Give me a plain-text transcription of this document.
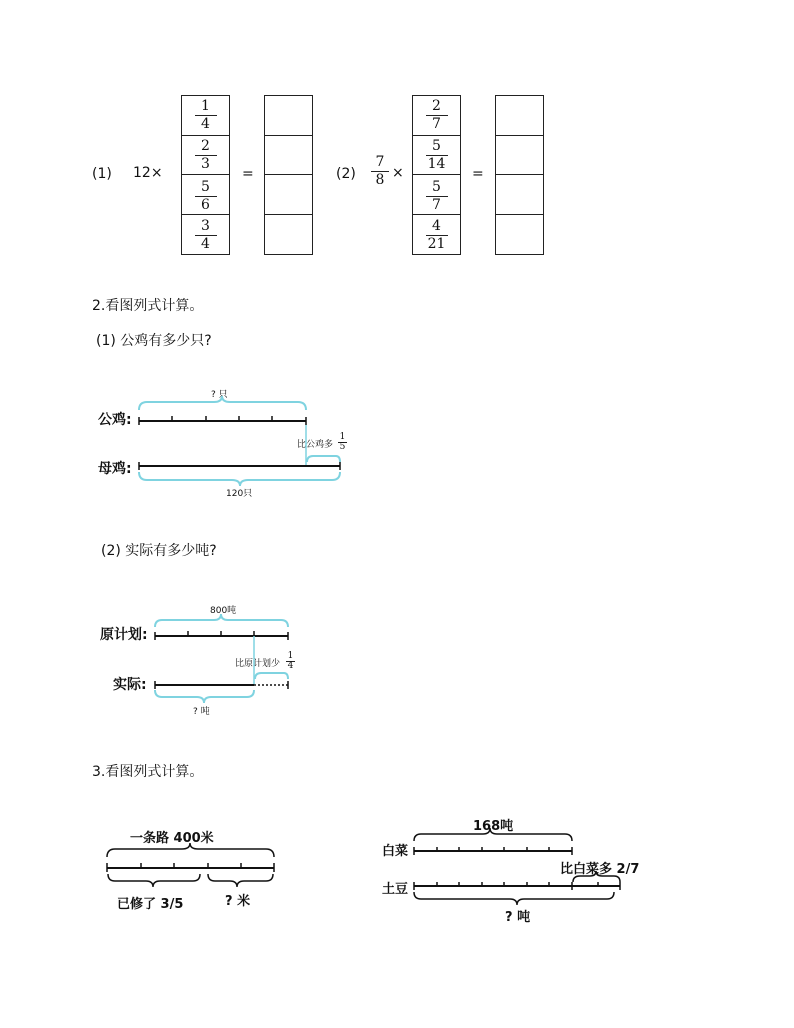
(1) 12×
1
4
2
3
5
6
3
4
=	(2)
7
8 ×
2
7
5
14
5
7
4
21
=
2.看图列式计算。
(1) 公鸡有多少只?
? 只
公鸡:
母鸡:
比公鸡多
1
5
120只
(2) 实际有多少吨?
800吨
原计划:
实际:
比原计划少
1
4
? 吨
3.看图列式计算。
一条路 400米
已修了 3/5	? 米
168吨
白菜
土豆
比白菜多 2/7
? 吨
